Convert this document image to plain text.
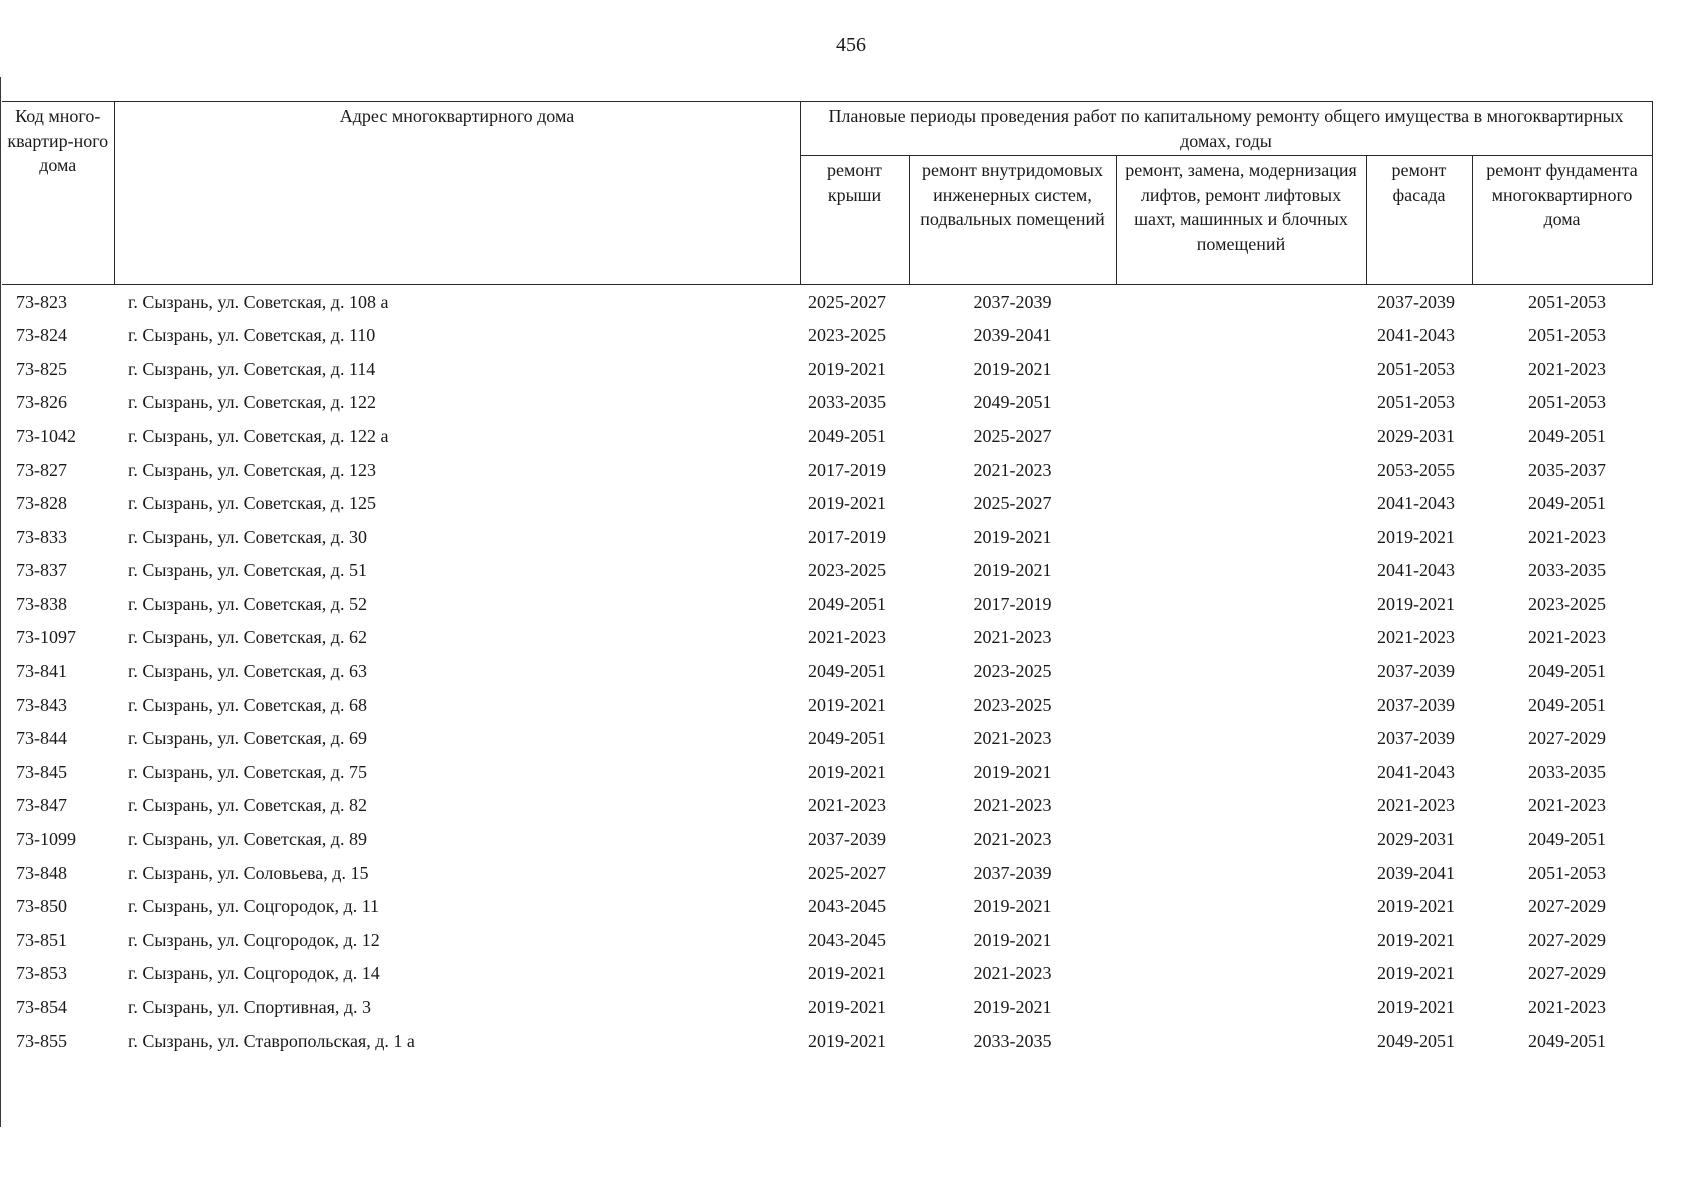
456
Код много-квартир-ного дома	Адрес многоквартирного дома	Плановые периоды проведения работ по капитальному ремонту общего имущества в многоквартирных домах, годы				
		ремонт крыши	ремонт внутридомовых инженерных систем, подвальных помещений	ремонт, замена, модернизация лифтов, ремонт лифтовых шахт, машинных и блочных помещений	ремонт фасада	ремонт фундамента многоквартирного дома
73-823	г. Сызрань, ул. Советская, д. 108 а	2025-2027	2037-2039		2037-2039	2051-2053
73-824	г. Сызрань, ул. Советская, д. 110	2023-2025	2039-2041		2041-2043	2051-2053
73-825	г. Сызрань, ул. Советская, д. 114	2019-2021	2019-2021		2051-2053	2021-2023
73-826	г. Сызрань, ул. Советская, д. 122	2033-2035	2049-2051		2051-2053	2051-2053
73-1042	г. Сызрань, ул. Советская, д. 122 а	2049-2051	2025-2027		2029-2031	2049-2051
73-827	г. Сызрань, ул. Советская, д. 123	2017-2019	2021-2023		2053-2055	2035-2037
73-828	г. Сызрань, ул. Советская, д. 125	2019-2021	2025-2027		2041-2043	2049-2051
73-833	г. Сызрань, ул. Советская, д. 30	2017-2019	2019-2021		2019-2021	2021-2023
73-837	г. Сызрань, ул. Советская, д. 51	2023-2025	2019-2021		2041-2043	2033-2035
73-838	г. Сызрань, ул. Советская, д. 52	2049-2051	2017-2019		2019-2021	2023-2025
73-1097	г. Сызрань, ул. Советская, д. 62	2021-2023	2021-2023		2021-2023	2021-2023
73-841	г. Сызрань, ул. Советская, д. 63	2049-2051	2023-2025		2037-2039	2049-2051
73-843	г. Сызрань, ул. Советская, д. 68	2019-2021	2023-2025		2037-2039	2049-2051
73-844	г. Сызрань, ул. Советская, д. 69	2049-2051	2021-2023		2037-2039	2027-2029
73-845	г. Сызрань, ул. Советская, д. 75	2019-2021	2019-2021		2041-2043	2033-2035
73-847	г. Сызрань, ул. Советская, д. 82	2021-2023	2021-2023		2021-2023	2021-2023
73-1099	г. Сызрань, ул. Советская, д. 89	2037-2039	2021-2023		2029-2031	2049-2051
73-848	г. Сызрань, ул. Соловьева, д. 15	2025-2027	2037-2039		2039-2041	2051-2053
73-850	г. Сызрань, ул. Соцгородок, д. 11	2043-2045	2019-2021		2019-2021	2027-2029
73-851	г. Сызрань, ул. Соцгородок, д. 12	2043-2045	2019-2021		2019-2021	2027-2029
73-853	г. Сызрань, ул. Соцгородок, д. 14	2019-2021	2021-2023		2019-2021	2027-2029
73-854	г. Сызрань, ул. Спортивная, д. 3	2019-2021	2019-2021		2019-2021	2021-2023
73-855	г. Сызрань, ул. Ставропольская, д. 1 а	2019-2021	2033-2035		2049-2051	2049-2051
